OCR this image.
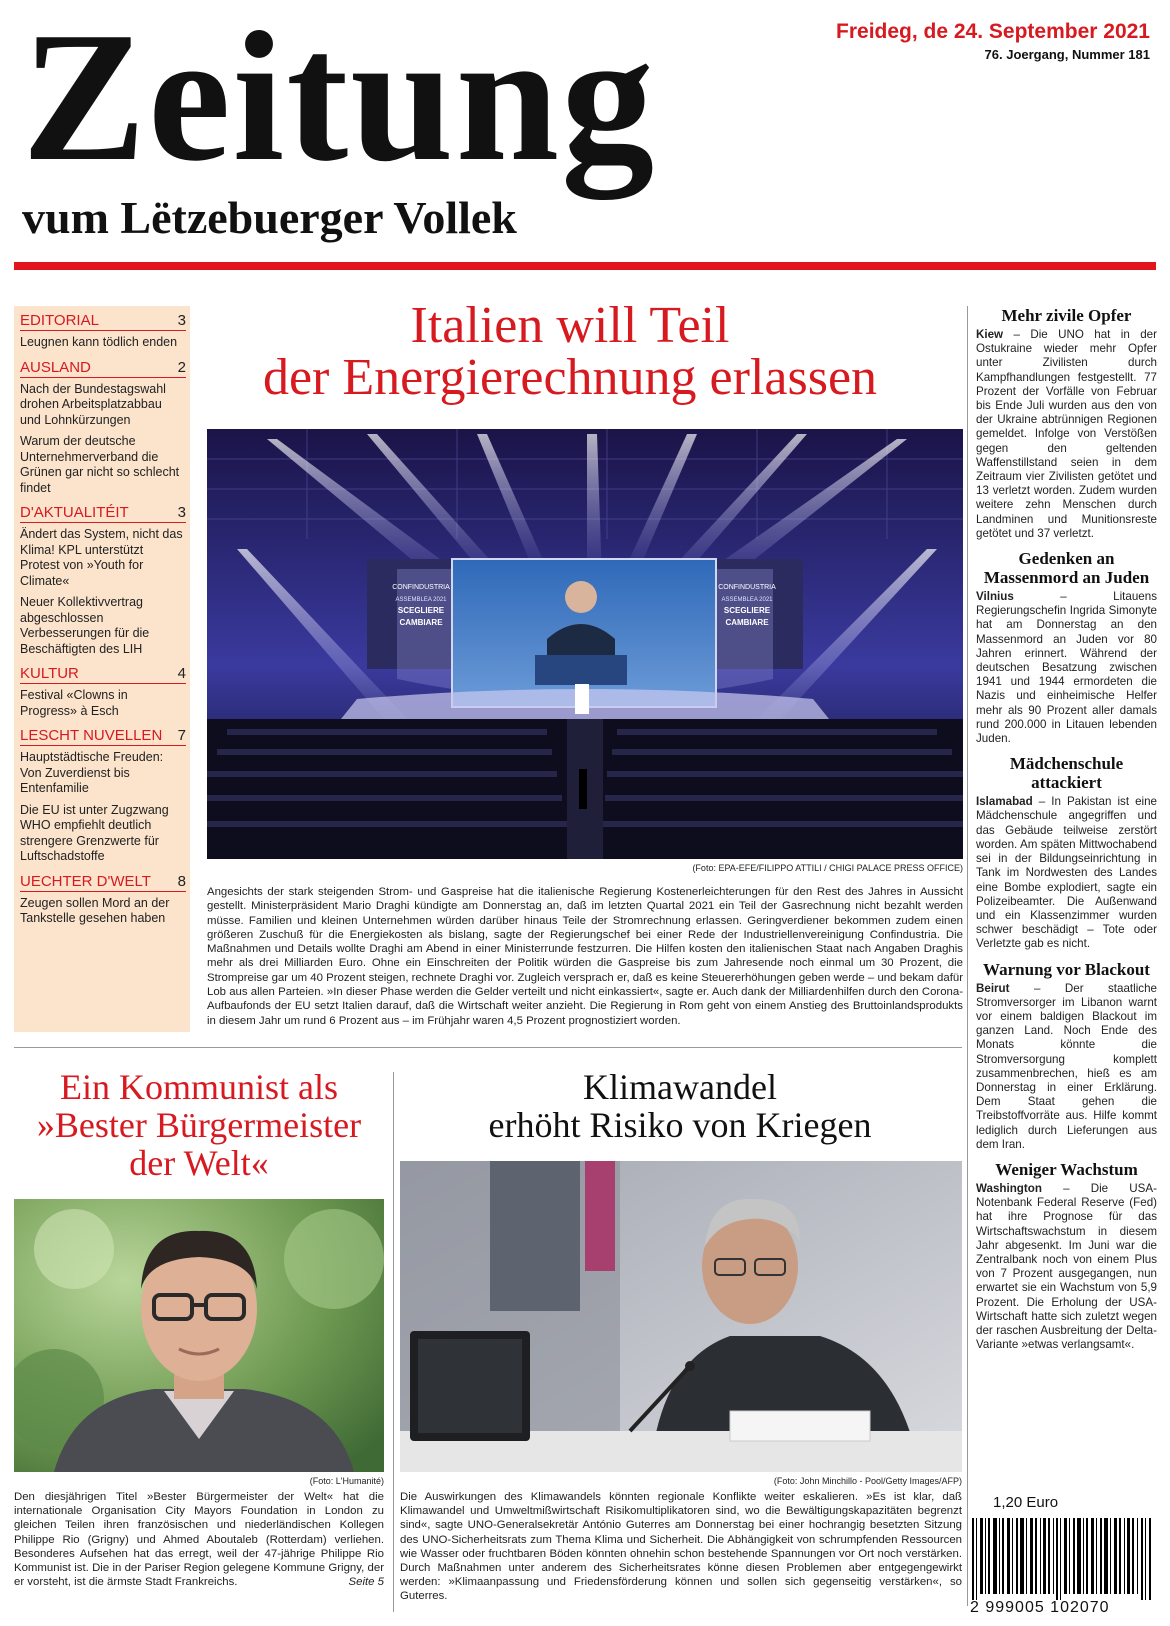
Zeitung
vum Lëtzebuerger Vollek
Freideg, de 24. September 2021
76. Joergang, Nummer 181
EDITORIAL	3
Leugnen kann tödlich enden
AUSLAND	2
Nach der Bundestagswahl drohen Arbeitsplatzabbau und Lohnkürzungen
Warum der deutsche Unternehmerverband die Grünen gar nicht so schlecht findet
D'AKTUALITÉIT	3
Ändert das System, nicht das Klima! KPL unterstützt Protest von »Youth for Climate«
Neuer Kollektivvertrag abgeschlossen Verbesserungen für die Beschäftigten des LIH
KULTUR	4
Festival «Clowns in Progress» à Esch
LESCHT NUVELLEN 7
Hauptstädtische Freuden: Von Zuverdienst bis Entenfamilie
Die EU ist unter Zugzwang WHO empfiehlt deutlich strengere Grenzwerte für Luftschadstoffe
UECHTER D'WELT 8
Zeugen sollen Mord an der Tankstelle gesehen haben
Italien will Teil
der Energierechnung erlassen
CONFINDUSTRIA
ASSEMBLEA 2021
SCEGLIERE
CAMBIARE
CONFINDUSTRIA
ASSEMBLEA 2021
SCEGLIERE
CAMBIARE
(Foto: EPA-EFE/FILIPPO ATTILI / CHIGI PALACE PRESS OFFICE)
Angesichts der stark steigenden Strom- und Gaspreise hat die italienische Regierung Kostenerleichterungen für den Rest des Jahres in Aussicht gestellt. Ministerpräsident Mario Draghi kündigte am Donnerstag an, daß im letzten Quartal 2021 ein Teil der Gasrechnung nicht bezahlt werden müsse. Familien und kleinen Unternehmen würden darüber hinaus Teile der Stromrechnung erlassen. Geringverdiener bekommen zudem einen größeren Zuschuß für die Energiekosten als bislang, sagte der Regierungschef bei einer Rede der Industriellenvereinigung Confindustria. Die Maßnahmen und Details wollte Draghi am Abend in einer Ministerrunde festzurren. Die Hilfen kosten den italienischen Staat nach Angaben Draghis mehr als drei Milliarden Euro. Ohne ein Einschreiten der Politik würden die Gaspreise bis zum Jahresende noch einmal um 30 Prozent, die Strompreise gar um 40 Prozent steigen, rechnete Draghi vor. Zugleich versprach er, daß es keine Steuererhöhungen geben werde – und bekam dafür Lob aus allen Parteien. »In dieser Phase werden die Gelder verteilt und nicht einkassiert«, sagte er. Auch dank der Milliardenhilfen durch den Corona-Aufbaufonds der EU setzt Italien darauf, daß die Wirtschaft weiter anzieht. Die Regierung in Rom geht von einem Anstieg des Bruttoinlandsprodukts in diesem Jahr um rund 6 Prozent aus – im Frühjahr waren 4,5 Prozent prognostiziert worden.
Mehr zivile Opfer

Kiew – Die UNO hat in der Ostukraine wieder mehr Opfer unter Zivilisten durch Kampfhandlungen festgestellt. 77 Prozent der Vorfälle von Februar bis Ende Juli wurden aus den von der Ukraine abtrünnigen Regionen gemeldet. Infolge von Verstößen gegen den geltenden Waffenstillstand seien in dem Zeitraum vier Zivilisten getötet und 13 verletzt worden. Zudem wurden weitere zehn Menschen durch Landminen und Munitionsreste getötet und 37 verletzt.

Gedenken an Massenmord an Juden

Vilnius – Litauens Regierungschefin Ingrida Simonyte hat am Donnerstag an den Massenmord an Juden vor 80 Jahren erinnert. Während der deutschen Besatzung zwischen 1941 und 1944 ermordeten die Nazis und einheimische Helfer mehr als 90 Prozent aller damals rund 200.000 in Litauen lebenden Juden.

Mädchenschule attackiert

Islamabad – In Pakistan ist eine Mädchenschule angegriffen und das Gebäude teilweise zerstört worden. Am späten Mittwochabend sei in der Bildungseinrichtung in Tank im Nordwesten des Landes eine Bombe explodiert, sagte ein Polizeibeamter. Die Außenwand und ein Klassenzimmer wurden schwer beschädigt – Tote oder Verletzte gab es nicht.

Warnung vor Blackout

Beirut – Der staatliche Stromversorger im Libanon warnt vor einem baldigen Blackout im ganzen Land. Noch Ende des Monats könnte die Stromversorgung komplett zusammenbrechen, hieß es am Donnerstag in einer Erklärung. Dem Staat gehen die Treibstoffvorräte aus. Hilfe kommt lediglich durch Lieferungen aus dem Iran.

Weniger Wachstum

Washington – Die USA-Notenbank Federal Reserve (Fed) hat ihre Prognose für das Wirtschaftswachstum in diesem Jahr abgesenkt. Im Juni war die Zentralbank noch von einem Plus von 7 Prozent ausgegangen, nun erwartet sie ein Wachstum von 5,9 Prozent. Die Erholung der USA-Wirtschaft hatte sich zuletzt wegen der raschen Ausbreitung der Delta-Variante »etwas verlangsamt«.

Ein Kommunist als
»Bester Bürgermeister
der Welt«
(Foto: L'Humanité)
Den diesjährigen Titel »Bester Bürgermeister der Welt« hat die internationale Organisation City Mayors Foundation in London zu gleichen Teilen ihren französischen und niederländischen Kollegen Philippe Rio (Grigny) und Ahmed Aboutaleb (Rotterdam) verliehen. Besonderes Aufsehen hat das erregt, weil der 47-jährige Philippe Rio Kommunist ist. Die in der Pariser Region gelegene Kommune Grigny, der er vorsteht, ist die ärmste Stadt Frankreichs.	Seite 5
Klimawandel
erhöht Risiko von Kriegen
(Foto: John Minchillo - Pool/Getty Images/AFP)
Die Auswirkungen des Klimawandels könnten regionale Konflikte weiter eskalieren. »Es ist klar, daß Klimawandel und Umweltmißwirtschaft Risikomultiplikatoren sind, wo die Bewältigungskapazitäten begrenzt sind«, sagte UNO-Generalsekretär António Guterres am Donnerstag bei einer hochrangig besetzten Sitzung des UNO-Sicherheitsrats zum Thema Klima und Sicherheit. Die Abhängigkeit von schrumpfenden Ressourcen wie Wasser oder fruchtbaren Böden könnten ohnehin schon bestehende Spannungen vor Ort noch verstärken. Durch Maßnahmen unter anderem des Sicherheitsrates könne diesen Problemen aber entgegengewirkt werden: »Klimaanpassung und Friedensförderung können und sollen sich gegenseitig verstärken«, so Guterres.
1,20 Euro
2 999005 102070
